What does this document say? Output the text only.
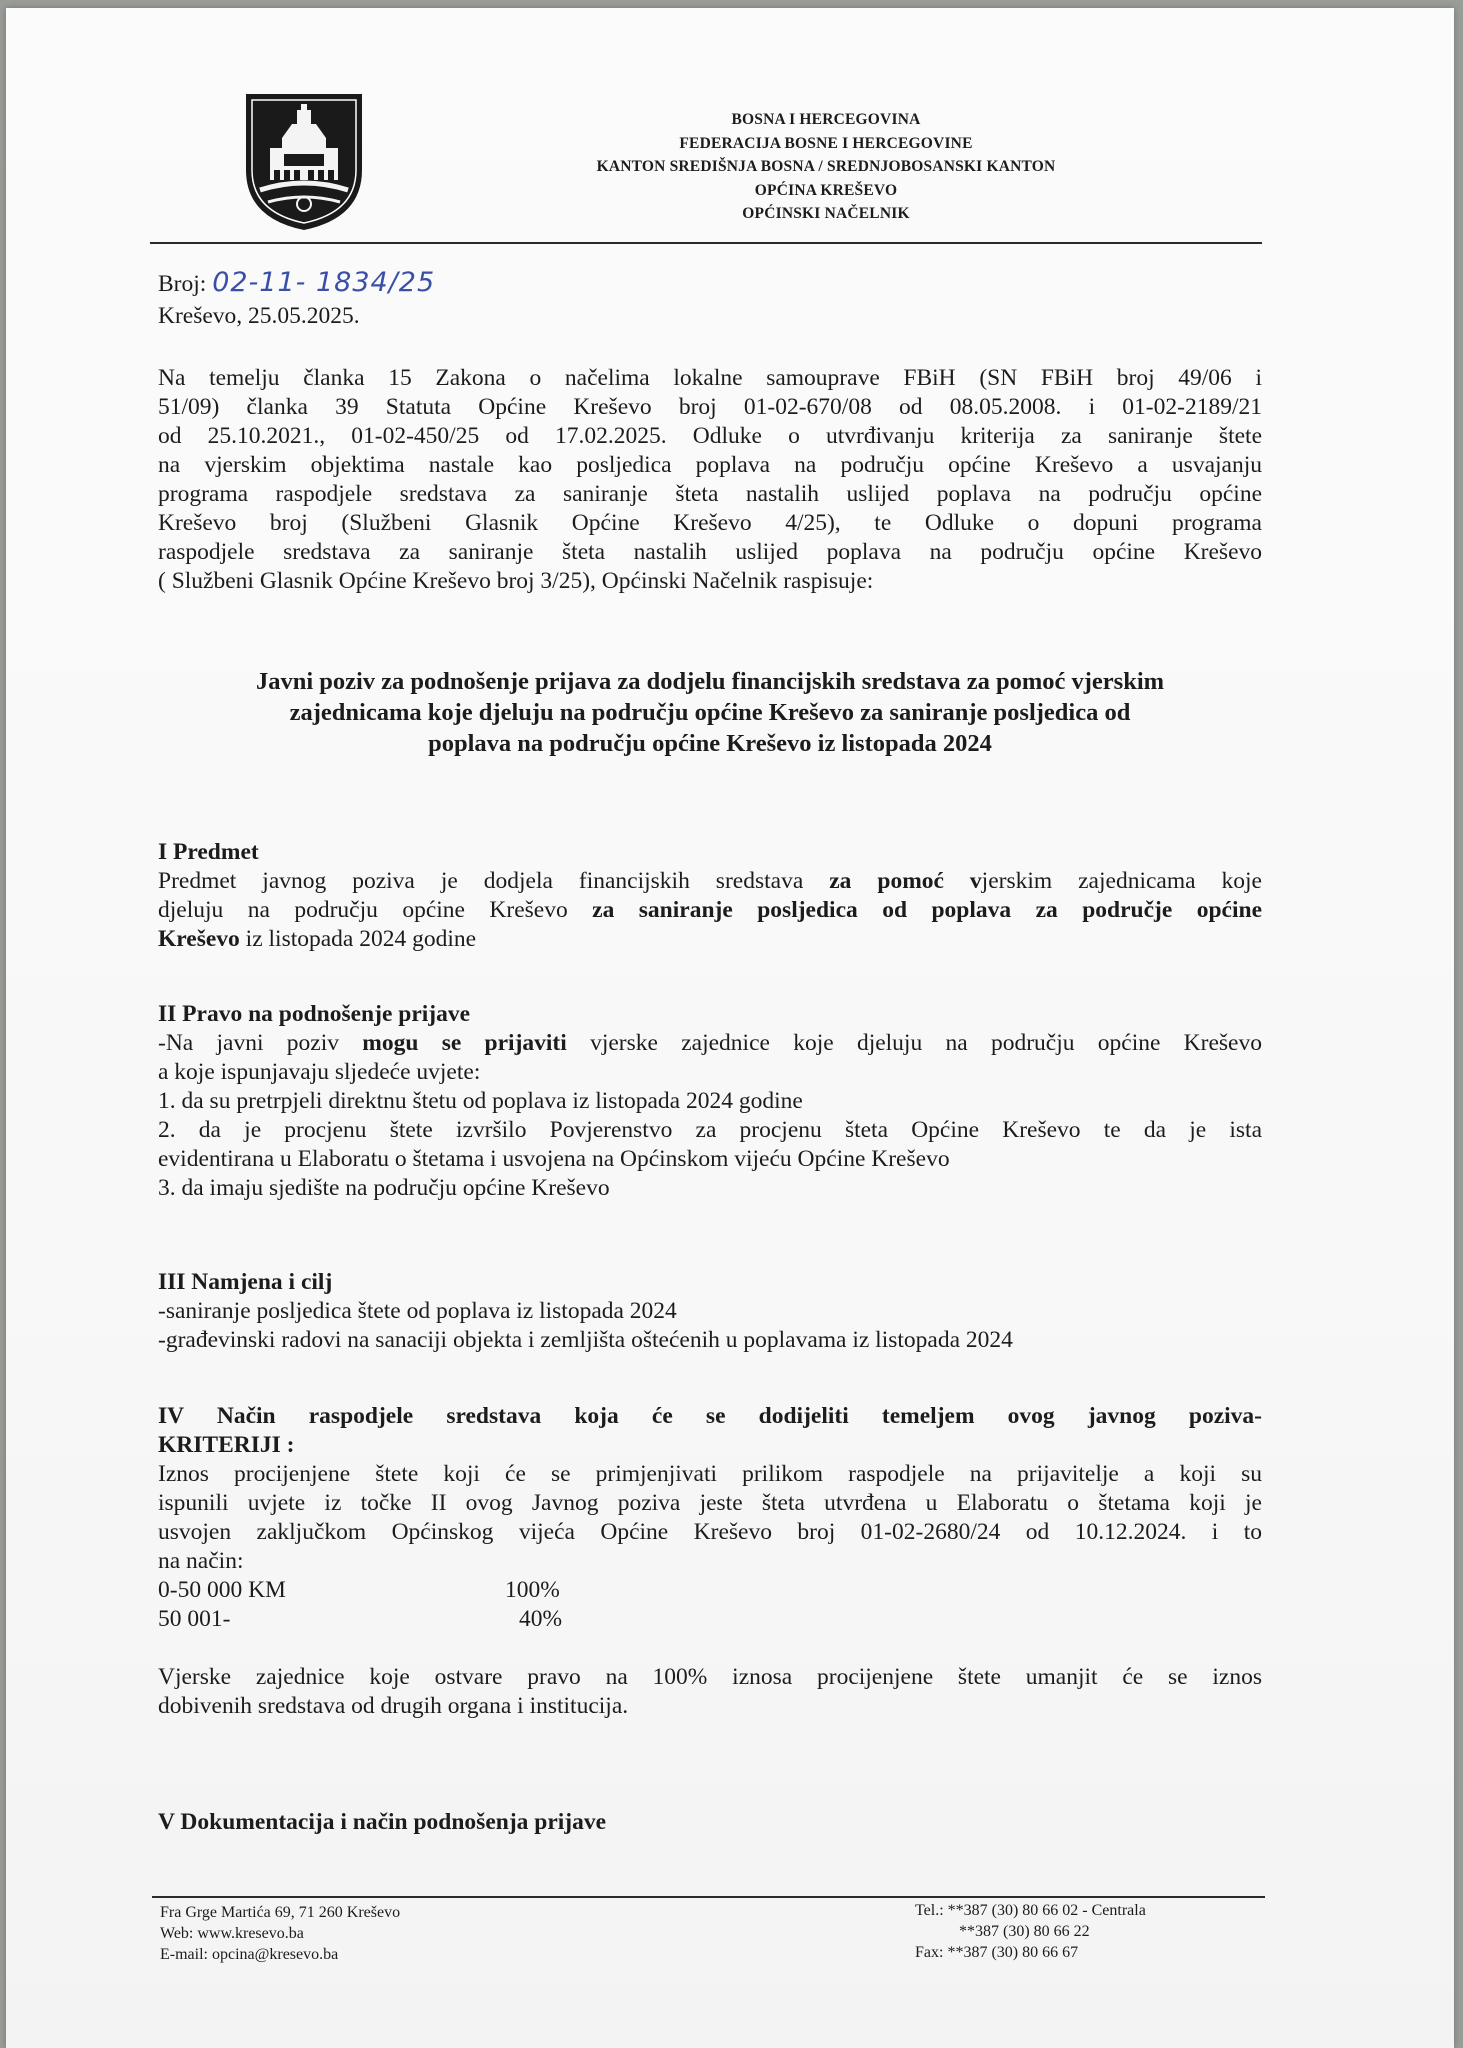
BOSNA I HERCEGOVINA
FEDERACIJA BOSNE I HERCEGOVINE
KANTON SREDIŠNJA BOSNA / SREDNJOBOSANSKI KANTON
OPĆINA KREŠEVO
OPĆINSKI NAČELNIK
Broj: 02-11- 1834/25
Kreševo, 25.05.2025.
Na temelju članka 15 Zakona o načelima lokalne samouprave FBiH (SN FBiH broj 49/06 i
51/09) članka 39 Statuta Općine Kreševo broj 01-02-670/08 od 08.05.2008. i 01-02-2189/21
od 25.10.2021., 01-02-450/25 od 17.02.2025. Odluke o utvrđivanju kriterija za saniranje štete
na vjerskim objektima nastale kao posljedica poplava na području općine Kreševo a usvajanju
programa raspodjele sredstava za saniranje šteta nastalih uslijed poplava na području općine
Kreševo broj (Službeni Glasnik Općine Kreševo 4/25), te Odluke o dopuni programa
raspodjele sredstava za saniranje šteta nastalih uslijed poplava na području općine Kreševo
( Službeni Glasnik Općine Kreševo broj 3/25), Općinski Načelnik raspisuje:
Javni poziv za podnošenje prijava za dodjelu financijskih sredstava za pomoć vjerskim
zajednicama koje djeluju na području općine Kreševo za saniranje posljedica od
poplava na području općine Kreševo iz listopada 2024
I Predmet
Predmet javnog poziva je dodjela financijskih sredstava za pomoć vjerskim zajednicama koje
djeluju na području općine Kreševo za saniranje posljedica od poplava za područje općine
Kreševo iz listopada 2024 godine
II Pravo na podnošenje prijave
-Na javni poziv mogu se prijaviti vjerske zajednice koje djeluju na području općine Kreševo
a koje ispunjavaju sljedeće uvjete:
1. da su pretrpjeli direktnu štetu od poplava iz listopada 2024 godine
2. da je procjenu štete izvršilo Povjerenstvo za procjenu šteta Općine Kreševo te da je ista
evidentirana u Elaboratu o štetama i usvojena na Općinskom vijeću Općine Kreševo
3. da imaju sjedište na području općine Kreševo
III Namjena i cilj
-saniranje posljedica štete od poplava iz listopada 2024
-građevinski radovi na sanaciji objekta i zemljišta oštećenih u poplavama iz listopada 2024
IV Način raspodjele sredstava koja će se dodijeliti temeljem ovog javnog poziva-
KRITERIJI :
Iznos procijenjene štete koji će se primjenjivati prilikom raspodjele na prijavitelje a koji su
ispunili uvjete iz točke II ovog Javnog poziva jeste šteta utvrđena u Elaboratu o štetama koji je
usvojen zaključkom Općinskog vijeća Općine Kreševo broj 01-02-2680/24 od 10.12.2024. i to
na način:
0-50 000 KM	100%
50 001-	40%
Vjerske zajednice koje ostvare pravo na 100% iznosa procijenjene štete umanjit će se iznos
dobivenih sredstava od drugih organa i institucija.
V Dokumentacija i način podnošenja prijave
Fra Grge Martića 69, 71 260 Kreševo
Web: www.kresevo.ba
E-mail: opcina@kresevo.ba
Tel.: **387 (30) 80 66 02 - Centrala
**387 (30) 80 66 22
Fax: **387 (30) 80 66 67
